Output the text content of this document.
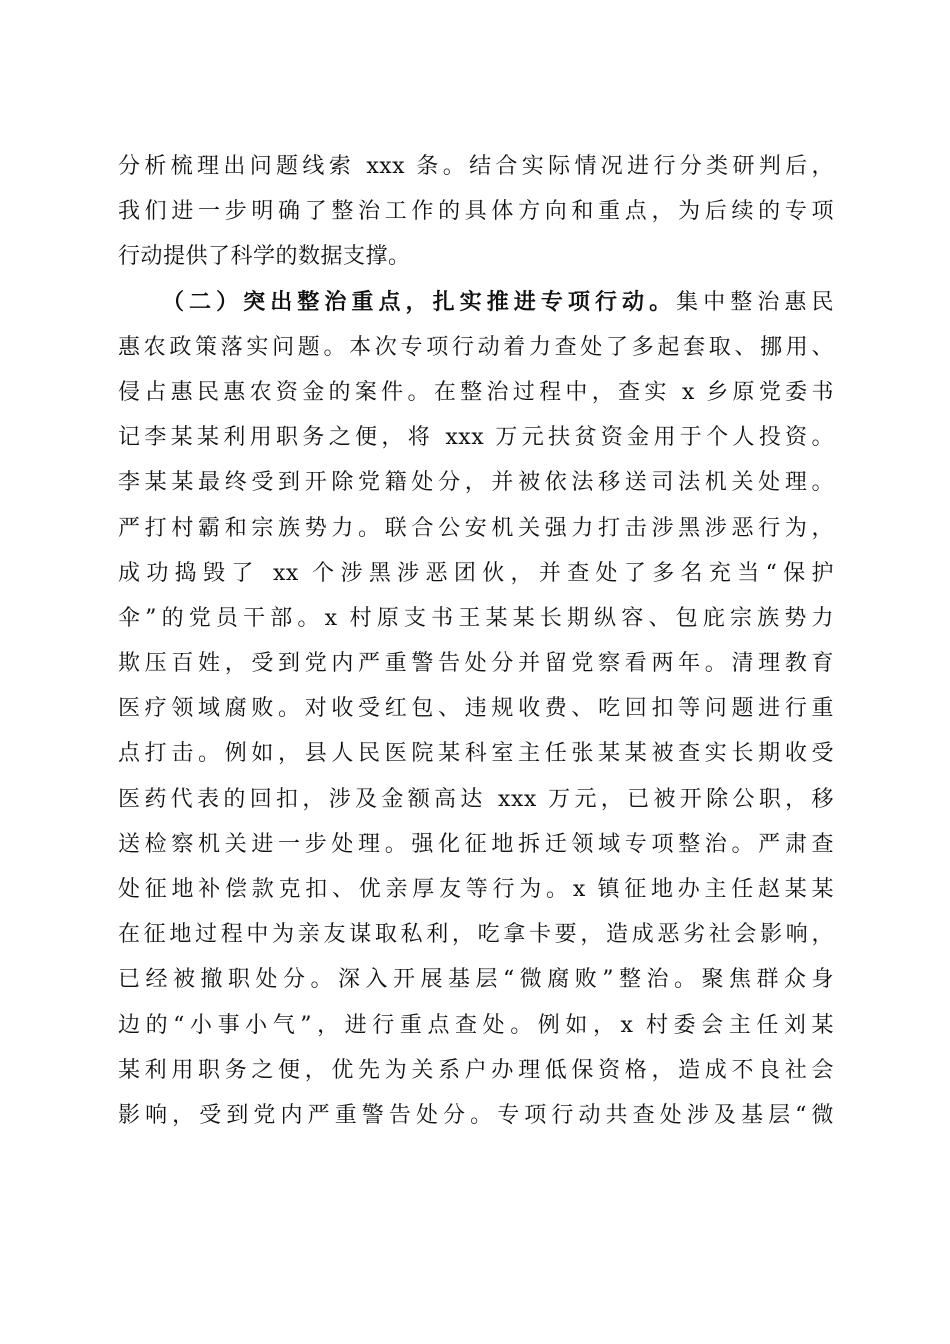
分析梳理出问题线索 xxx 条。结合实际情况进行分类研判后，
我们进一步明确了整治工作的具体方向和重点，为后续的专项
行动提供了科学的数据支撑。
（二）突出整治重点，扎实推进专项行动。集中整治惠民
惠农政策落实问题。本次专项行动着力查处了多起套取、挪用、
侵占惠民惠农资金的案件。在整治过程中，查实 x 乡原党委书
记李某某利用职务之便，将 xxx 万元扶贫资金用于个人投资。
李某某最终受到开除党籍处分，并被依法移送司法机关处理。
严打村霸和宗族势力。联合公安机关强力打击涉黑涉恶行为，
成功捣毁了 xx 个涉黑涉恶团伙，并查处了多名充当“保护
伞”的党员干部。x 村原支书王某某长期纵容、包庇宗族势力
欺压百姓，受到党内严重警告处分并留党察看两年。清理教育
医疗领域腐败。对收受红包、违规收费、吃回扣等问题进行重
点打击。例如，县人民医院某科室主任张某某被查实长期收受
医药代表的回扣，涉及金额高达 xxx 万元，已被开除公职，移
送检察机关进一步处理。强化征地拆迁领域专项整治。严肃查
处征地补偿款克扣、优亲厚友等行为。x 镇征地办主任赵某某
在征地过程中为亲友谋取私利，吃拿卡要，造成恶劣社会影响，
已经被撤职处分。深入开展基层“微腐败”整治。聚焦群众身
边的“小事小气”，进行重点查处。例如，x 村委会主任刘某
某利用职务之便，优先为关系户办理低保资格，造成不良社会
影响，受到党内严重警告处分。专项行动共查处涉及基层“微
